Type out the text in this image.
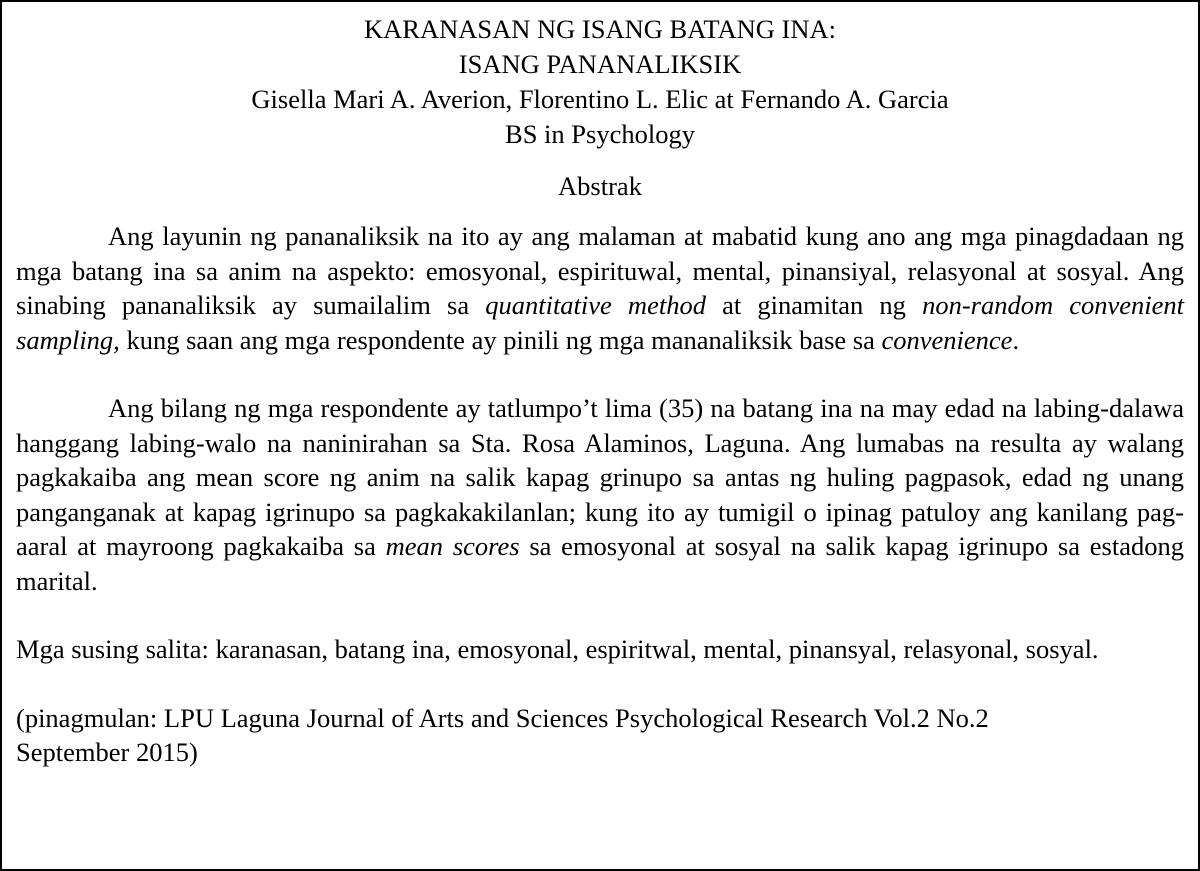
KARANASAN NG ISANG BATANG INA:
ISANG PANANALIKSIK
Gisella Mari A. Averion, Florentino L. Elic at Fernando A. Garcia
BS in Psychology
Abstrak

Ang layunin ng pananaliksik na ito ay ang malaman at mabatid kung ano ang mga pinagdadaan ng mga batang ina sa anim na aspekto: emosyonal, espirituwal, mental, pinansiyal, relasyonal at sosyal. Ang sinabing pananaliksik ay sumailalim sa quantitative method at ginamitan ng non-random convenient sampling, kung saan ang mga respondente ay pinili ng mga mananaliksik base sa convenience.

Ang bilang ng mga respondente ay tatlumpo’t lima (35) na batang ina na may edad na labing-dalawa hanggang labing-walo na naninirahan sa Sta. Rosa Alaminos, Laguna. Ang lumabas na resulta ay walang pagkakaiba ang mean score ng anim na salik kapag grinupo sa antas ng huling pagpasok, edad ng unang panganganak at kapag igrinupo sa pagkakakilanlan; kung ito ay tumigil o ipinag patuloy ang kanilang pag-aaral at mayroong pagkakaiba sa mean scores sa emosyonal at sosyal na salik kapag igrinupo sa estadong marital.

Mga susing salita: karanasan, batang ina, emosyonal, espiritwal, mental, pinansyal, relasyonal, sosyal.

(pinagmulan: LPU Laguna Journal of Arts and Sciences Psychological Research Vol.2 No.2
September 2015)
